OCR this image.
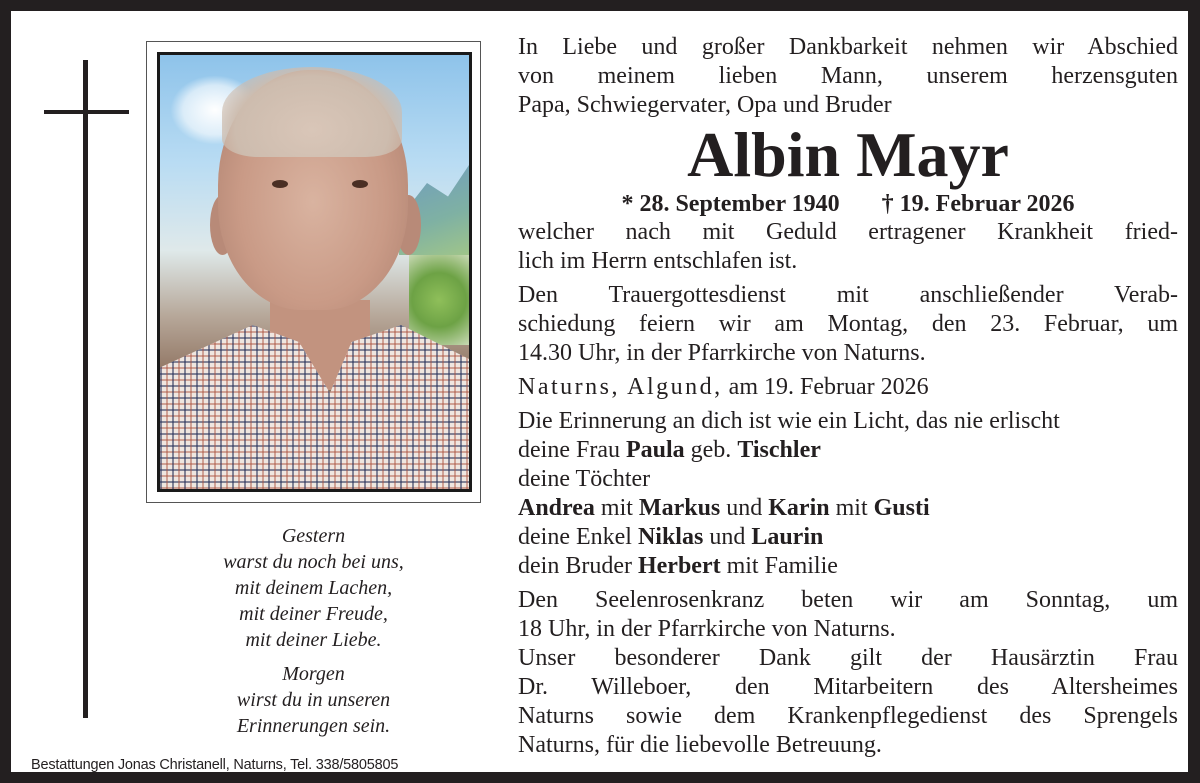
Gestern
warst du noch bei uns,
mit deinem Lachen,
mit deiner Freude,
mit deiner Liebe.
Morgen
wirst du in unseren
Erinnerungen sein.

In Liebe und großer Dankbarkeit nehmen wir Abschied

von meinem lieben Mann, unserem herzensguten

Papa, Schwiegervater, Opa und Bruder

Albin Mayr

* 28. September 1940 † 19. Februar 2026

welcher nach mit Geduld ertragener Krankheit fried-

lich im Herrn entschlafen ist.

Den Trauergottesdienst mit anschließender Verab-

schiedung feiern wir am Montag, den 23. Februar, um

14.30 Uhr, in der Pfarrkirche von Naturns.

Naturns, Algund, am 19. Februar 2026

Die Erinnerung an dich ist wie ein Licht, das nie erlischt

deine Frau Paula geb. Tischler

deine Töchter

Andrea mit Markus und Karin mit Gusti

deine Enkel Niklas und Laurin

dein Bruder Herbert mit Familie

Den Seelenrosenkranz beten wir am Sonntag, um

18 Uhr, in der Pfarrkirche von Naturns.

Unser besonderer Dank gilt der Hausärztin Frau

Dr. Willeboer, den Mitarbeitern des Altersheimes

Naturns sowie dem Krankenpflegedienst des Sprengels

Naturns, für die liebevolle Betreuung.

Bestattungen Jonas Christanell, Naturns, Tel. 338/5805805
